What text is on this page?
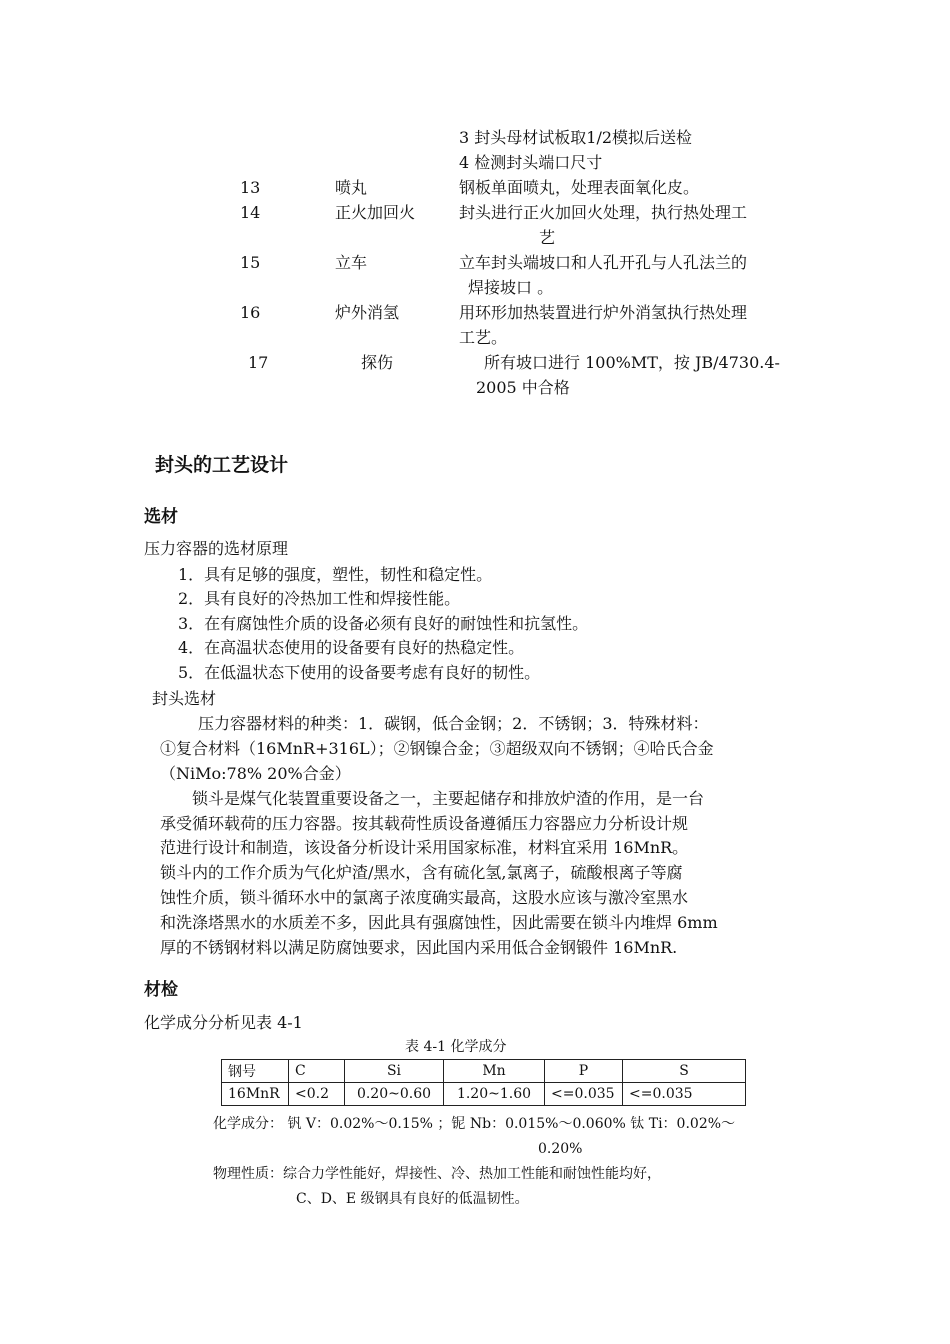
3 封头母材试板取1/2模拟后送检
4 检测封头端口尺寸
13	喷丸	钢板单面喷丸，处理表面氧化皮。
14	正火加回火	封头进行正火加回火处理，执行热处理工
艺
15	立车	立车封头端坡口和人孔开孔与人孔法兰的
焊接坡口 。
16	炉外消氢	用环形加热装置进行炉外消氢执行热处理
工艺。
17	探伤	所有坡口进行 100%MT，按 JB/4730.4-
2005 中合格
封头的工艺设计
选材
压力容器的选材原理
1．具有足够的强度，塑性，韧性和稳定性。
2．具有良好的冷热加工性和焊接性能。
3．在有腐蚀性介质的设备必须有良好的耐蚀性和抗氢性。
4．在高温状态使用的设备要有良好的热稳定性。
5．在低温状态下使用的设备要考虑有良好的韧性。
封头选材
压力容器材料的种类：1．碳钢，低合金钢；2．不锈钢；3．特殊材料：
①复合材料（16MnR+316L）；②钢镍合金；③超级双向不锈钢；④哈氏合金
（NiMo:78% 20%合金）
锁斗是煤气化装置重要设备之一，主要起储存和排放炉渣的作用，是一台
承受循环载荷的压力容器。按其载荷性质设备遵循压力容器应力分析设计规
范进行设计和制造，该设备分析设计采用国家标准，材料宜采用 16MnR。
锁斗内的工作介质为气化炉渣/黑水，含有硫化氢,氯离子，硫酸根离子等腐
蚀性介质，锁斗循环水中的氯离子浓度确实最高，这股水应该与激冷室黑水
和洗涤塔黑水的水质差不多，因此具有强腐蚀性，因此需要在锁斗内堆焊 6mm
厚的不锈钢材料以满足防腐蚀要求，因此国内采用低合金钢锻件 16MnR.
材检
化学成分分析见表 4-1
表 4-1 化学成分
钢号	C	Si	Mn	P	S
16MnR	<0.2	0.20~0.60	1.20~1.60	<=0.035	<=0.035
化学成分： 钒 V：0.02%～0.15% ；铌 Nb：0.015%～0.060% 钛 Ti：0.02%～
0.20%
物理性质：综合力学性能好，焊接性、冷、热加工性能和耐蚀性能均好，
C、D、E 级钢具有良好的低温韧性。
